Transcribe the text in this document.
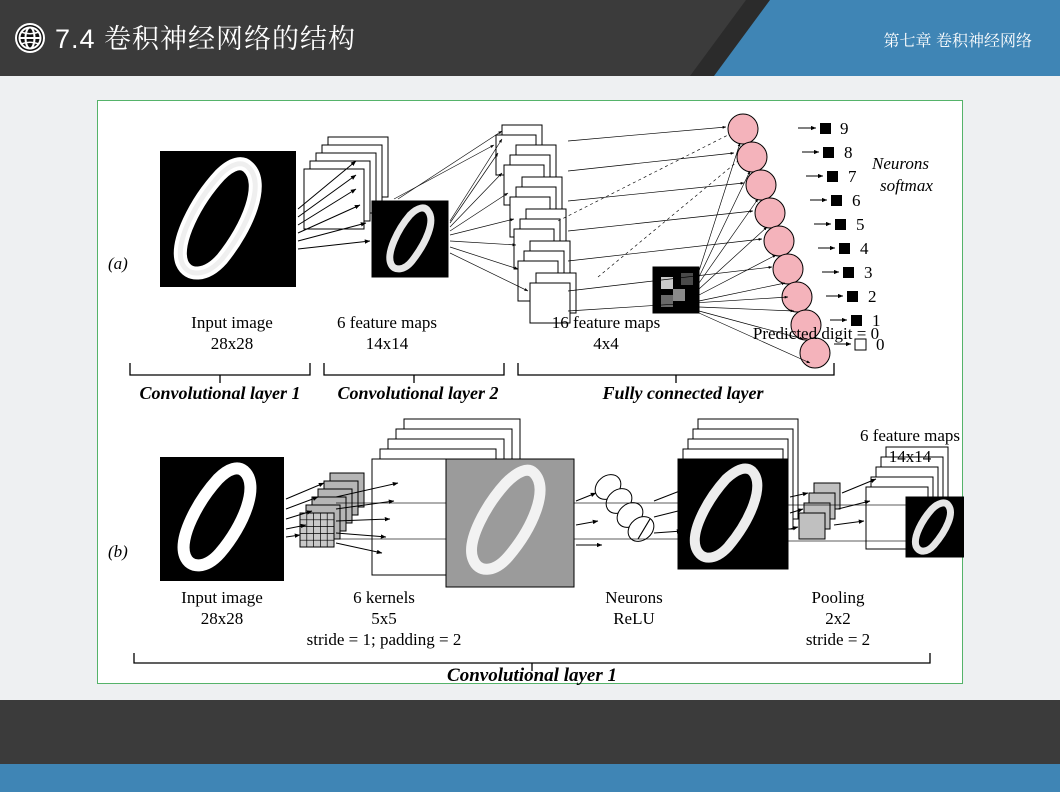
7.4 卷积神经网络的结构	第七章 卷积神经网络
(a)
9
8
7
6
5
4
3
2
1
0
Neurons
softmax
Input image
28x28
6 feature maps
14x14
16 feature maps
4x4
Predicted digit = 0
Convolutional layer 1 Convolutional layer 2	Fully connected layer
(b)
Input image
28x28
6 kernels
5x5
stride = 1; padding = 2
Neurons
ReLU
Pooling
2x2
stride = 2
6 feature maps
14x14
Convolutional layer 1
